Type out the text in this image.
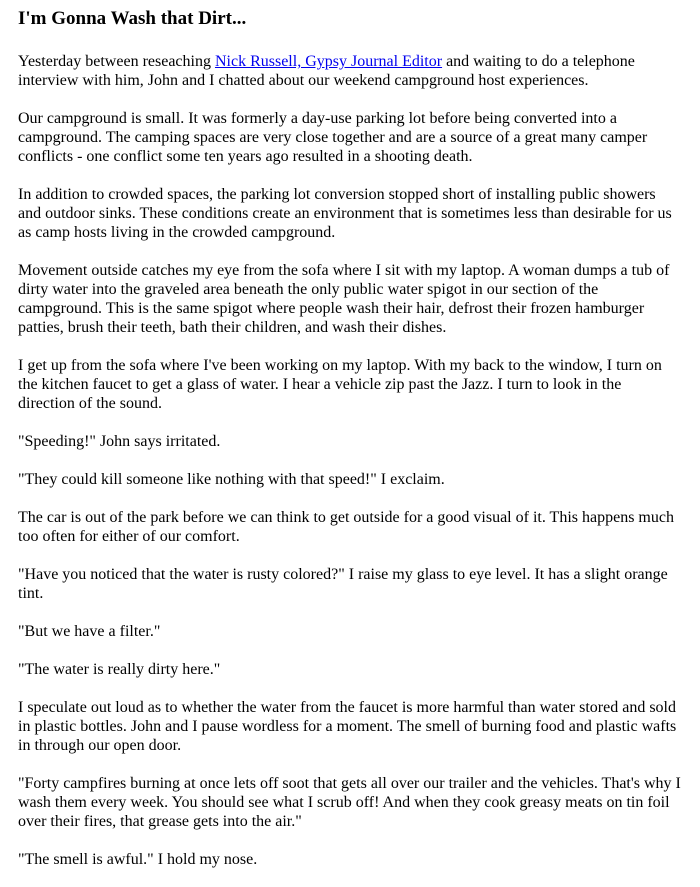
I'm Gonna Wash that Dirt...

Yesterday between reseaching Nick Russell, Gypsy Journal Editor and waiting to do a telephone interview with him, John and I chatted about our weekend campground host experiences.

Our campground is small. It was formerly a day-use parking lot before being converted into a campground. The camping spaces are very close together and are a source of a great many camper conflicts - one conflict some ten years ago resulted in a shooting death.

In addition to crowded spaces, the parking lot conversion stopped short of installing public showers and outdoor sinks. These conditions create an environment that is sometimes less than desirable for us as camp hosts living in the crowded campground.

Movement outside catches my eye from the sofa where I sit with my laptop. A woman dumps a tub of dirty water into the graveled area beneath the only public water spigot in our section of the campground. This is the same spigot where people wash their hair, defrost their frozen hamburger patties, brush their teeth, bath their children, and wash their dishes.

I get up from the sofa where I've been working on my laptop. With my back to the window, I turn on the kitchen faucet to get a glass of water. I hear a vehicle zip past the Jazz. I turn to look in the direction of the sound.

"Speeding!" John says irritated.

"They could kill someone like nothing with that speed!" I exclaim.

The car is out of the park before we can think to get outside for a good visual of it. This happens much too often for either of our comfort.

"Have you noticed that the water is rusty colored?" I raise my glass to eye level. It has a slight orange tint.

"But we have a filter."

"The water is really dirty here."

I speculate out loud as to whether the water from the faucet is more harmful than water stored and sold in plastic bottles. John and I pause wordless for a moment. The smell of burning food and plastic wafts in through our open door.

"Forty campfires burning at once lets off soot that gets all over our trailer and the vehicles. That's why I wash them every week. You should see what I scrub off! And when they cook greasy meats on tin foil over their fires, that grease gets into the air."

"The smell is awful." I hold my nose.
